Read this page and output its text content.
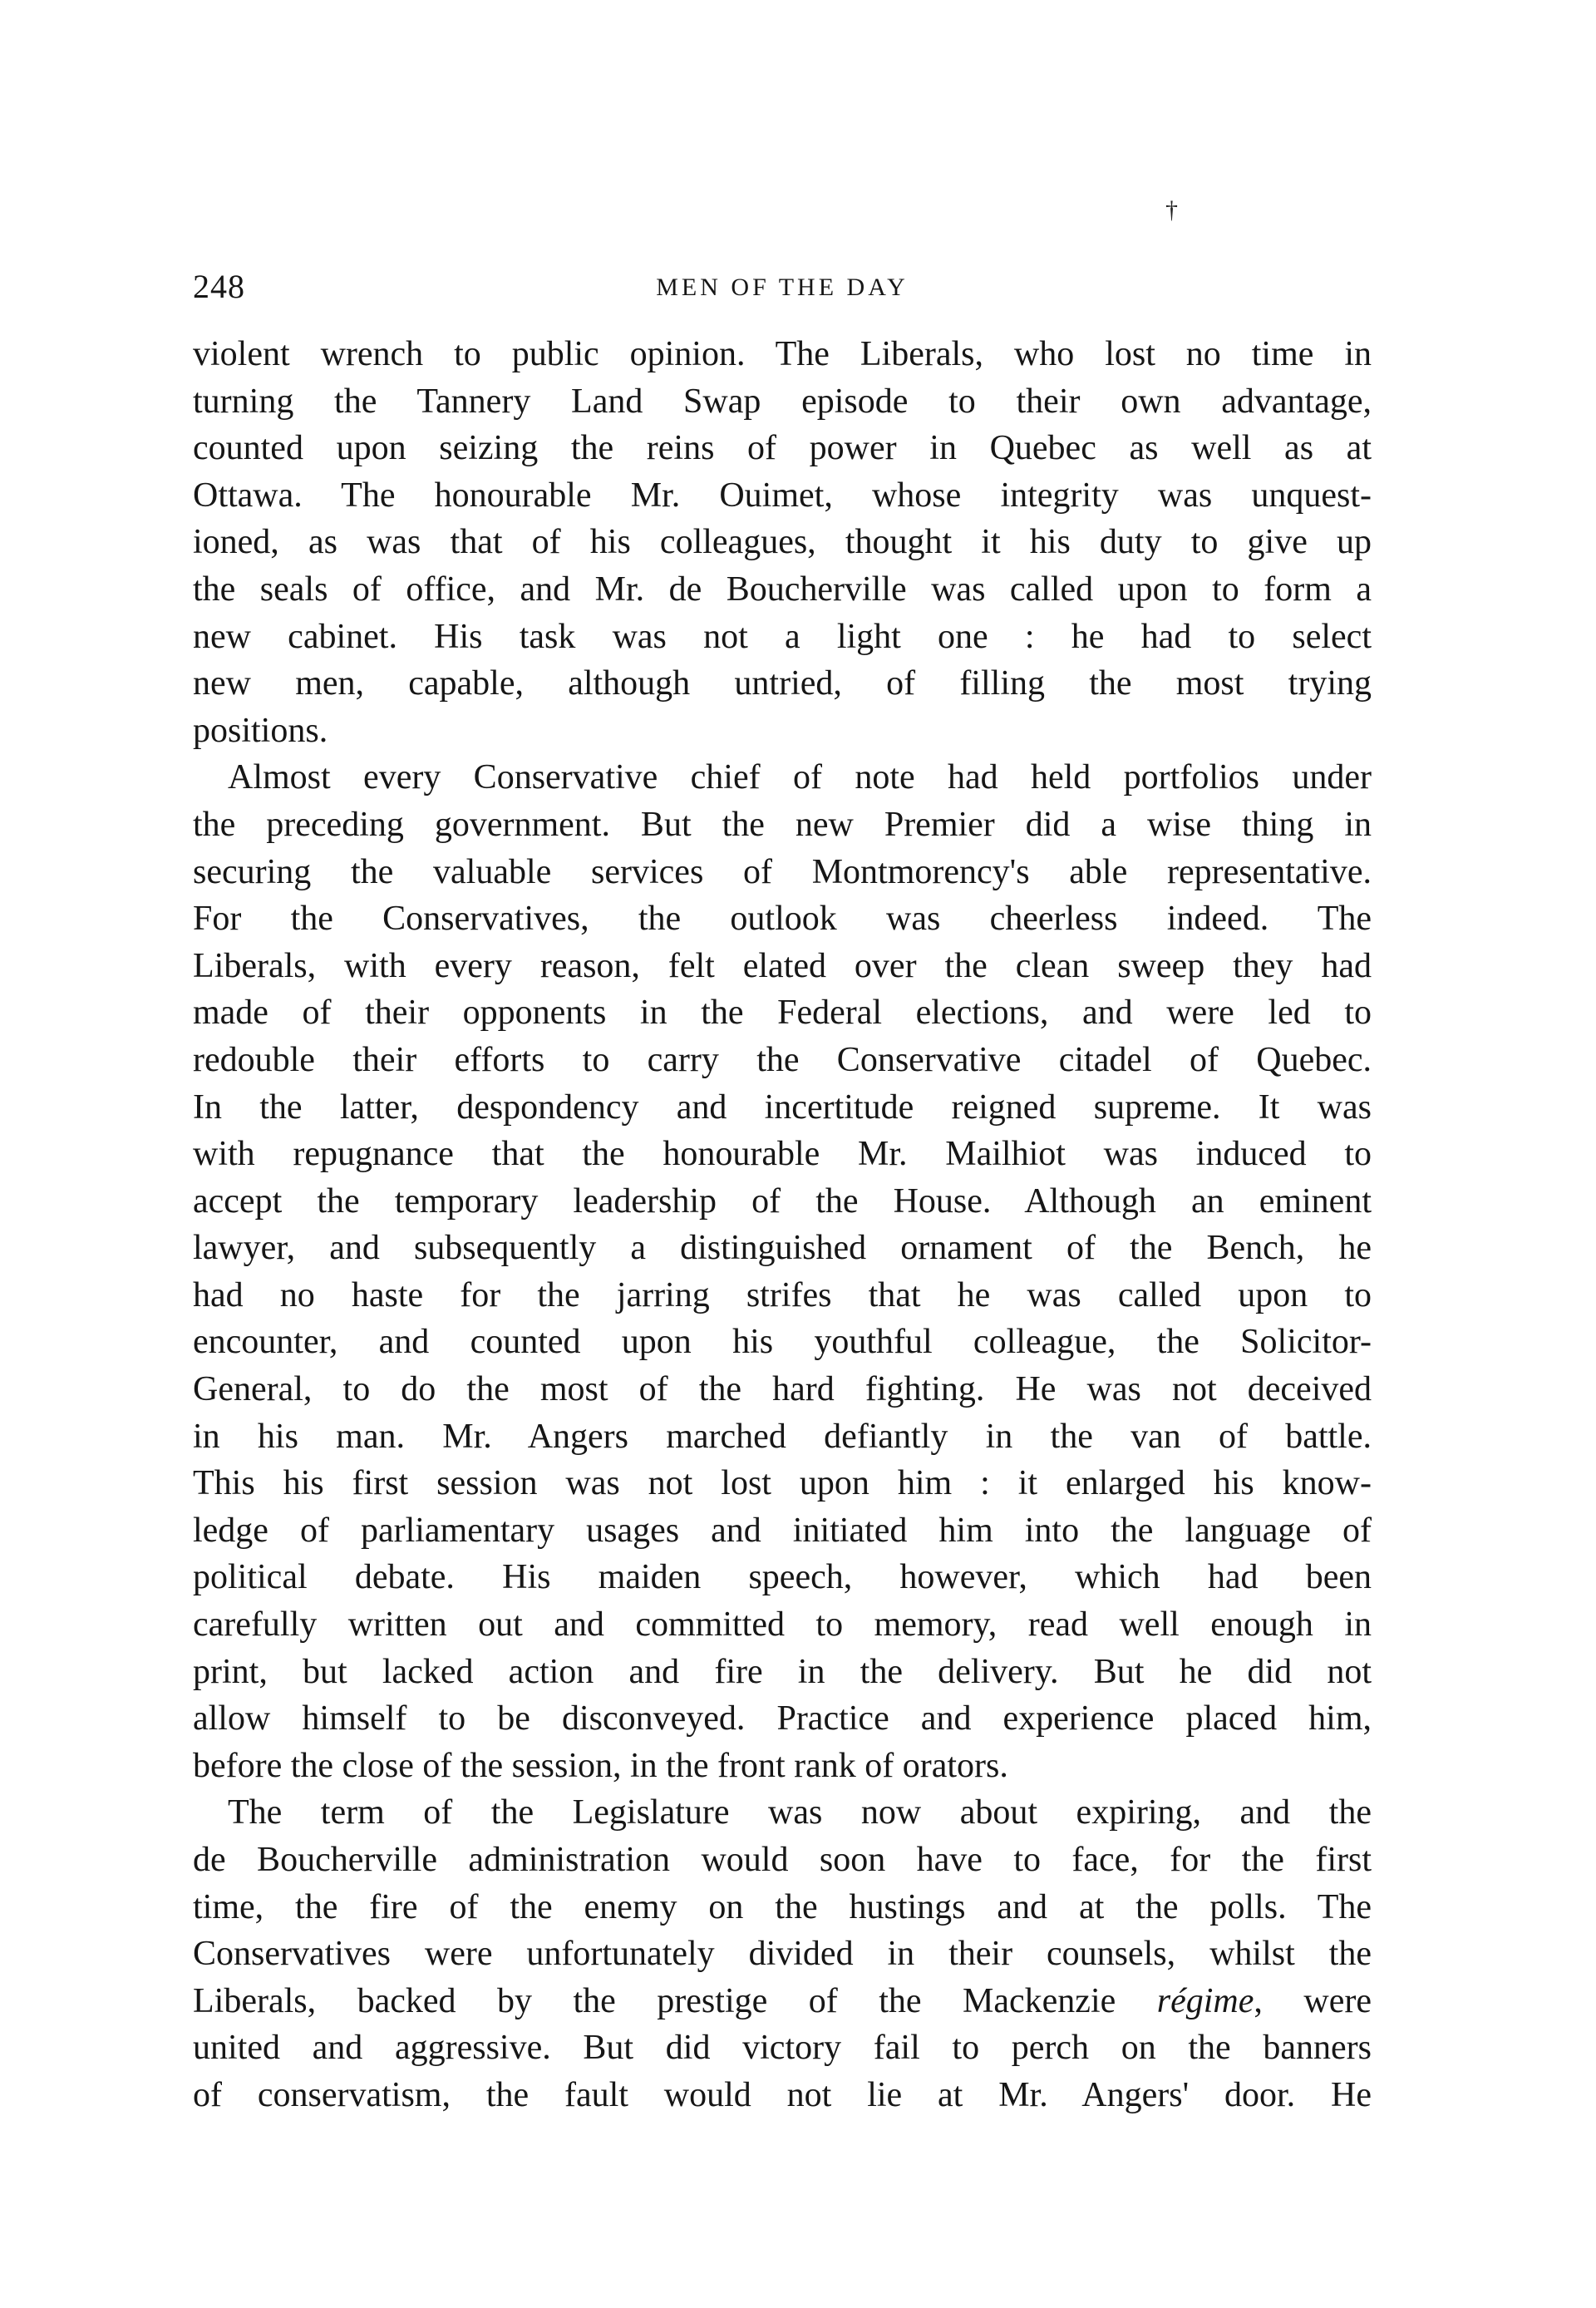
†
248	MEN OF THE DAY
violent wrench to public opinion. The Liberals, who lost no time in
turning the Tannery Land Swap episode to their own advantage,
counted upon seizing the reins of power in Quebec as well as at
Ottawa. The honourable Mr. Ouimet, whose integrity was unquest-
ioned, as was that of his colleagues, thought it his duty to give up
the seals of office, and Mr. de Boucherville was called upon to form a
new cabinet. His task was not a light one : he had to select
new men, capable, although untried, of filling the most trying
positions.
Almost every Conservative chief of note had held portfolios under
the preceding government. But the new Premier did a wise thing in
securing the valuable services of Montmorency's able representative.
For the Conservatives, the outlook was cheerless indeed. The
Liberals, with every reason, felt elated over the clean sweep they had
made of their opponents in the Federal elections, and were led to
redouble their efforts to carry the Conservative citadel of Quebec.
In the latter, despondency and incertitude reigned supreme. It was
with repugnance that the honourable Mr. Mailhiot was induced to
accept the temporary leadership of the House. Although an eminent
lawyer, and subsequently a distinguished ornament of the Bench, he
had no haste for the jarring strifes that he was called upon to
encounter, and counted upon his youthful colleague, the Solicitor-
General, to do the most of the hard fighting. He was not deceived
in his man. Mr. Angers marched defiantly in the van of battle.
This his first session was not lost upon him : it enlarged his know-
ledge of parliamentary usages and initiated him into the language of
political debate. His maiden speech, however, which had been
carefully written out and committed to memory, read well enough in
print, but lacked action and fire in the delivery. But he did not
allow himself to be disconveyed. Practice and experience placed him,
before the close of the session, in the front rank of orators.
The term of the Legislature was now about expiring, and the
de Boucherville administration would soon have to face, for the first
time, the fire of the enemy on the hustings and at the polls. The
Conservatives were unfortunately divided in their counsels, whilst the
Liberals, backed by the prestige of the Mackenzie régime, were
united and aggressive. But did victory fail to perch on the banners
of conservatism, the fault would not lie at Mr. Angers' door. He
